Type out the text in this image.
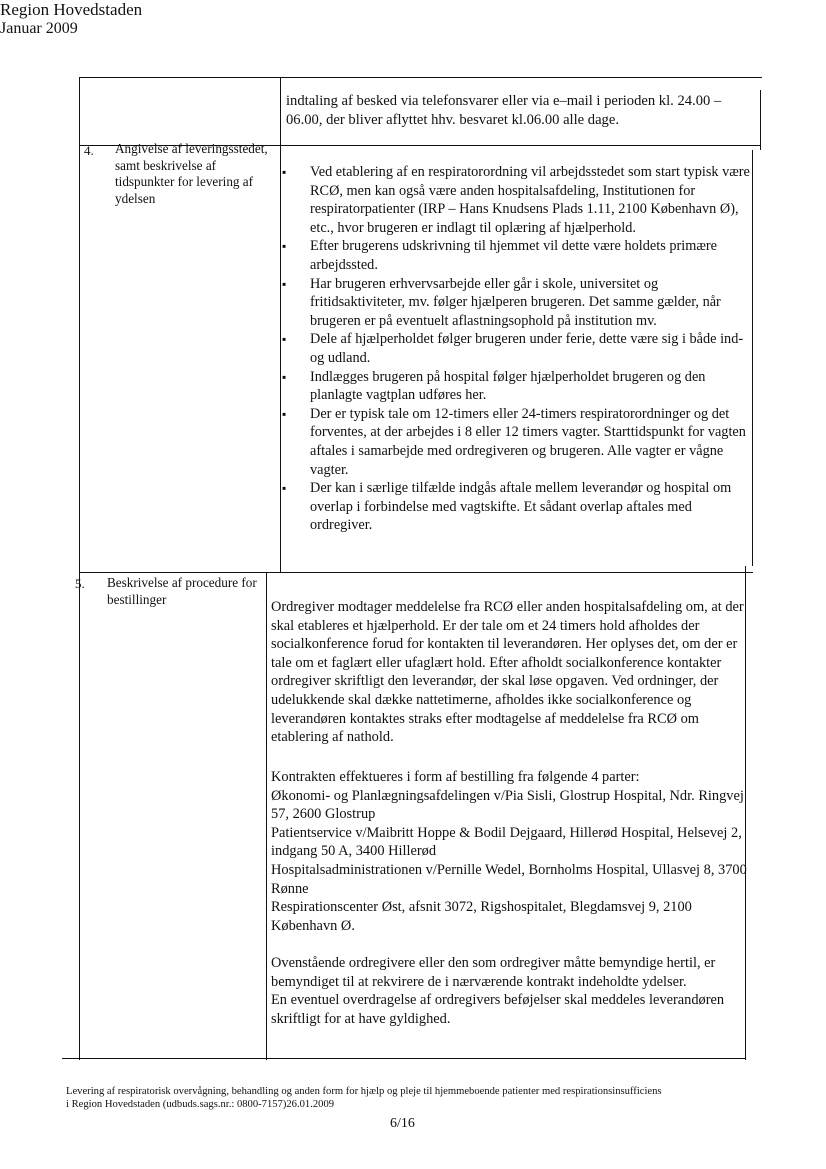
Region Hovedstaden
Januar 2009
indtaling af besked via telefonsvarer eller via e–mail i perioden kl. 24.00 – 06.00, der bliver aflyttet hhv. besvaret kl.06.00 alle dage.
4. Angivelse af leveringsstedet, samt beskrivelse af tidspunkter for levering af ydelsen
▪ Ved etablering af en respiratorordning vil arbejdsstedet som start typisk være RCØ, men kan også være anden hospitalsafdeling, Institutionen for respiratorpatienter (IRP – Hans Knudsens Plads 1.11, 2100 København Ø), etc., hvor brugeren er indlagt til oplæring af hjælperhold.
▪ Efter brugerens udskrivning til hjemmet vil dette være holdets primære arbejdssted.
▪ Har brugeren erhvervsarbejde eller går i skole, universitet og fritidsaktiviteter, mv. følger hjælperen brugeren. Det samme gælder, når brugeren er på eventuelt aflastningsophold på institution mv.
▪ Dele af hjælperholdet følger brugeren under ferie, dette være sig i både ind- og udland.
▪ Indlægges brugeren på hospital følger hjælperholdet brugeren og den planlagte vagtplan udføres her.
▪ Der er typisk tale om 12-timers eller 24-timers respiratorordninger og det forventes, at der arbejdes i 8 eller 12 timers vagter. Starttidspunkt for vagten aftales i samarbejde med ordregiveren og brugeren. Alle vagter er vågne vagter.
▪ Der kan i særlige tilfælde indgås aftale mellem leverandør og hospital om overlap i forbindelse med vagtskifte. Et sådant overlap aftales med ordregiver.
5. Beskrivelse af procedure for bestillinger	Ordregiver modtager meddelelse fra RCØ eller anden hospitalsafdeling om, at der skal etableres et hjælperhold. Er der tale om et 24 timers hold afholdes der socialkonference forud for kontakten til leverandøren. Her oplyses det, om der er tale om et faglært eller ufaglært hold. Efter afholdt socialkonference kontakter ordregiver skriftligt den leverandør, der skal løse opgaven. Ved ordninger, der udelukkende skal dække nattetimerne, afholdes ikke socialkonference og leverandøren kontaktes straks efter modtagelse af meddelelse fra RCØ om etablering af nathold.

Kontrakten effektueres i form af bestilling fra følgende 4 parter:

Økonomi- og Planlægningsafdelingen v/Pia Sisli, Glostrup Hospital, Ndr. Ringvej 57, 2600 Glostrup

Patientservice v/Maibritt Hoppe & Bodil Dejgaard, Hillerød Hospital, Helsevej 2, indgang 50 A, 3400 Hillerød

Hospitalsadministrationen v/Pernille Wedel, Bornholms Hospital, Ullasvej 8, 3700 Rønne

Respirationscenter Øst, afsnit 3072, Rigshospitalet, Blegdamsvej 9, 2100 København Ø.

Ovenstående ordregivere eller den som ordregiver måtte bemyndige hertil, er bemyndiget til at rekvirere de i nærværende kontrakt indeholdte ydelser.

En eventuel overdragelse af ordregivers beføjelser skal meddeles leverandøren skriftligt for at have gyldighed.

Levering af respiratorisk overvågning, behandling og anden form for hjælp og pleje til hjemmeboende patienter med respirationsinsufficiens i Region Hovedstaden (udbuds.sags.nr.: 0800-7157)26.01.2009
6/16
